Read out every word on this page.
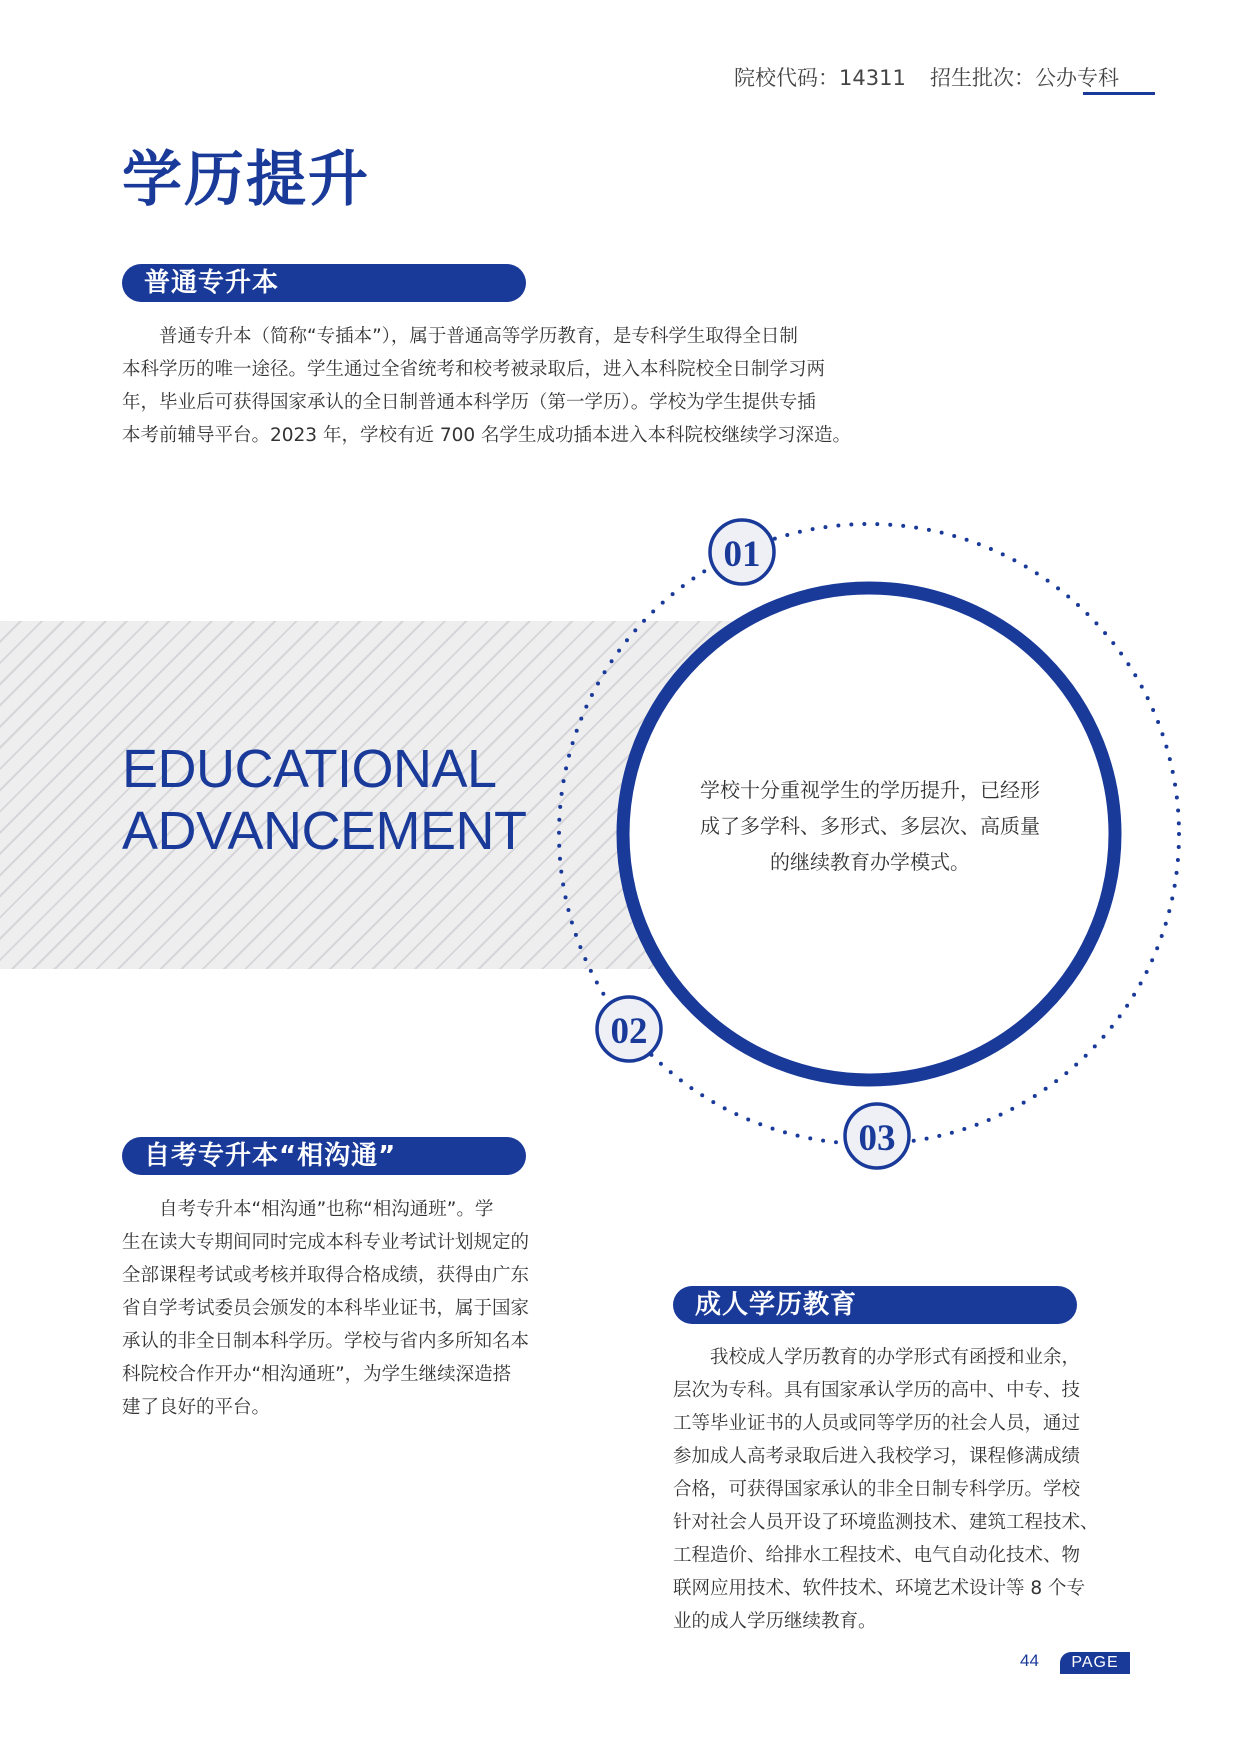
院校代码：14311 招生批次：公办专科
学历提升
普通专升本
普通专升本（简称“专插本”），属于普通高等学历教育，是专科学生取得全日制
本科学历的唯一途径。学生通过全省统考和校考被录取后，进入本科院校全日制学习两
年，毕业后可获得国家承认的全日制普通本科学历（第一学历）。学校为学生提供专插
本考前辅导平台。2023 年，学校有近 700 名学生成功插本进入本科院校继续学习深造。
EDUCATIONAL
ADVANCEMENT
01
02
03
学校十分重视学生的学历提升，已经形
成了多学科、多形式、多层次、高质量
的继续教育办学模式。
自考专升本“相沟通”
自考专升本“相沟通”也称“相沟通班”。学
生在读大专期间同时完成本科专业考试计划规定的
全部课程考试或考核并取得合格成绩，获得由广东
省自学考试委员会颁发的本科毕业证书，属于国家
承认的非全日制本科学历。学校与省内多所知名本
科院校合作开办“相沟通班”，为学生继续深造搭
建了良好的平台。
成人学历教育
我校成人学历教育的办学形式有函授和业余，
层次为专科。具有国家承认学历的高中、中专、技
工等毕业证书的人员或同等学历的社会人员，通过
参加成人高考录取后进入我校学习，课程修满成绩
合格，可获得国家承认的非全日制专科学历。学校
针对社会人员开设了环境监测技术、建筑工程技术、
工程造价、给排水工程技术、电气自动化技术、物
联网应用技术、软件技术、环境艺术设计等 8 个专
业的成人学历继续教育。
44	PAGE
